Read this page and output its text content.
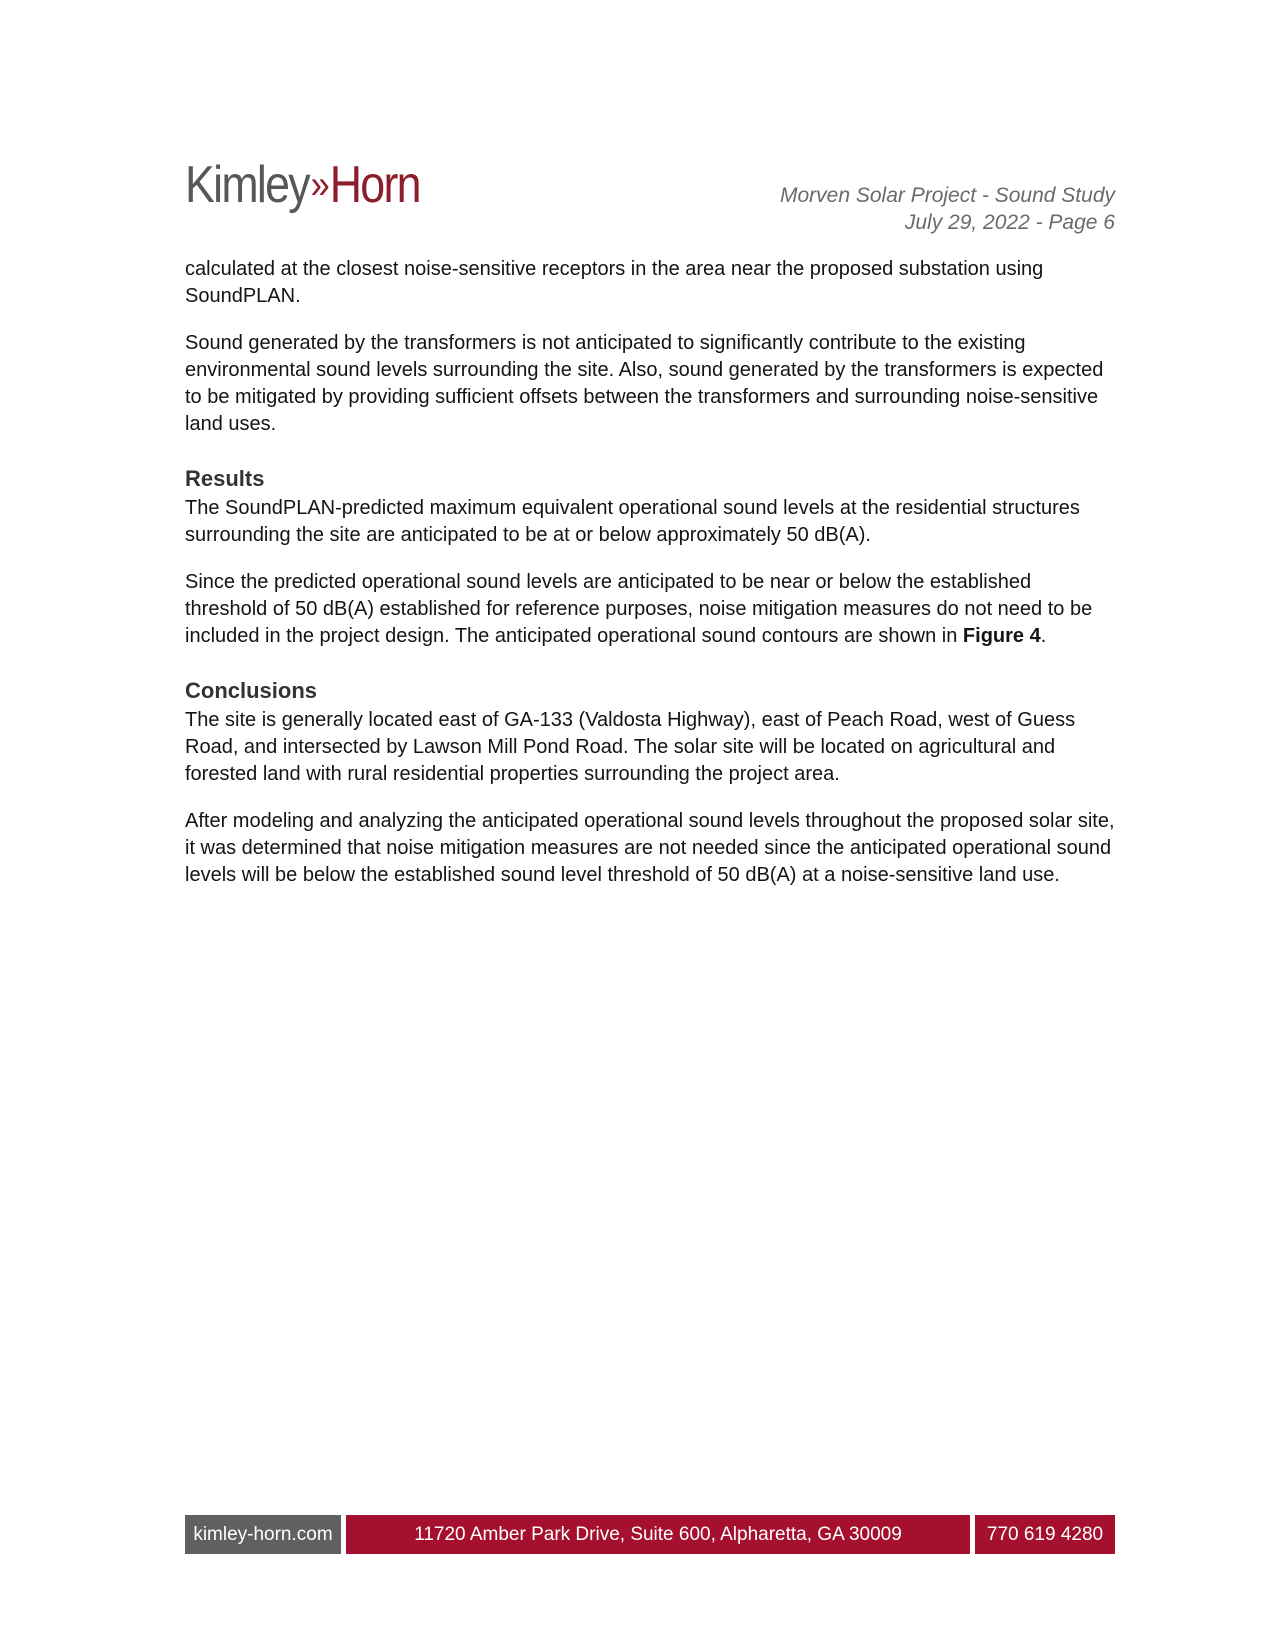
Kimley » Horn	Morven Solar Project - Sound Study
July 29, 2022 - Page 6

calculated at the closest noise-sensitive receptors in the area near the proposed substation using SoundPLAN.

Sound generated by the transformers is not anticipated to significantly contribute to the existing environmental sound levels surrounding the site. Also, sound generated by the transformers is expected to be mitigated by providing sufficient offsets between the transformers and surrounding noise-sensitive land uses.

Results

The SoundPLAN-predicted maximum equivalent operational sound levels at the residential structures surrounding the site are anticipated to be at or below approximately 50 dB(A).

Since the predicted operational sound levels are anticipated to be near or below the established threshold of 50 dB(A) established for reference purposes, noise mitigation measures do not need to be included in the project design. The anticipated operational sound contours are shown in Figure 4.

Conclusions

The site is generally located east of GA-133 (Valdosta Highway), east of Peach Road, west of Guess Road, and intersected by Lawson Mill Pond Road. The solar site will be located on agricultural and forested land with rural residential properties surrounding the project area.

After modeling and analyzing the anticipated operational sound levels throughout the proposed solar site, it was determined that noise mitigation measures are not needed since the anticipated operational sound levels will be below the established sound level threshold of 50 dB(A) at a noise-sensitive land use.

kimley-horn.com	11720 Amber Park Drive, Suite 600, Alpharetta, GA 30009	770 619 4280
